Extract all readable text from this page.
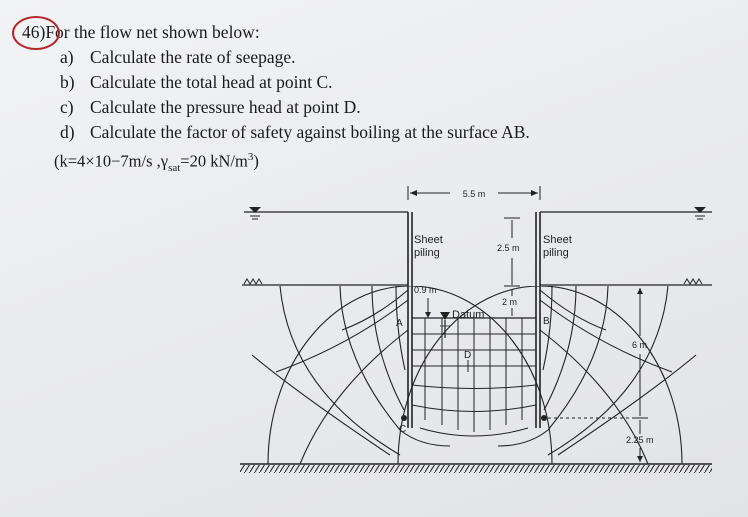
46)For the flow net shown below:
a) Calculate the rate of seepage.
b) Calculate the total head at point C.
c) Calculate the pressure head at point D.
d) Calculate the factor of safety against boiling at the surface AB.
(k=4×10−7m/s $,\gamma_{sat}=20$ $kN/m^3$)
5.5 m
Sheet
piling
Sheet
piling
2.5 m
2 m
0.9 m
Datum
A	B
D
C
6 m
2.25 m
